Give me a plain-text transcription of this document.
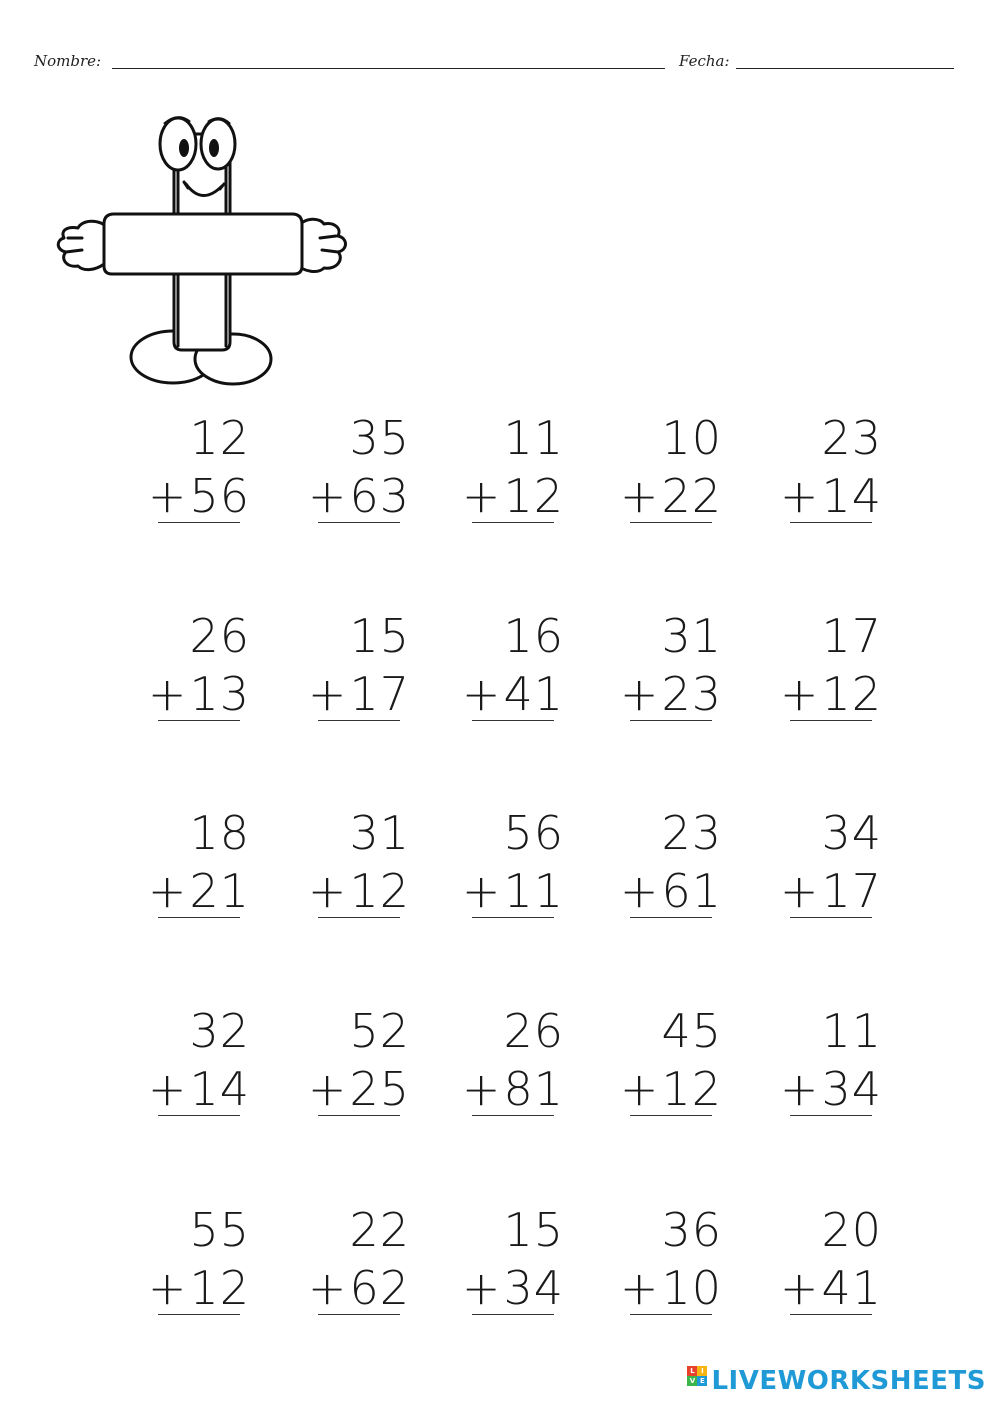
Nombre:	Fecha:
12
+56
35
+63
11
+12
10
+22
23
+14
26
+13
15
+17
16
+41
31
+23
17
+12
18
+21
31
+12
56
+11
23
+61
34
+17
32
+14
52
+25
26
+81
45
+12
11
+34
55
+12
22
+62
15
+34
36
+10
20
+41
L I
V E LIVEWORKSHEETS
